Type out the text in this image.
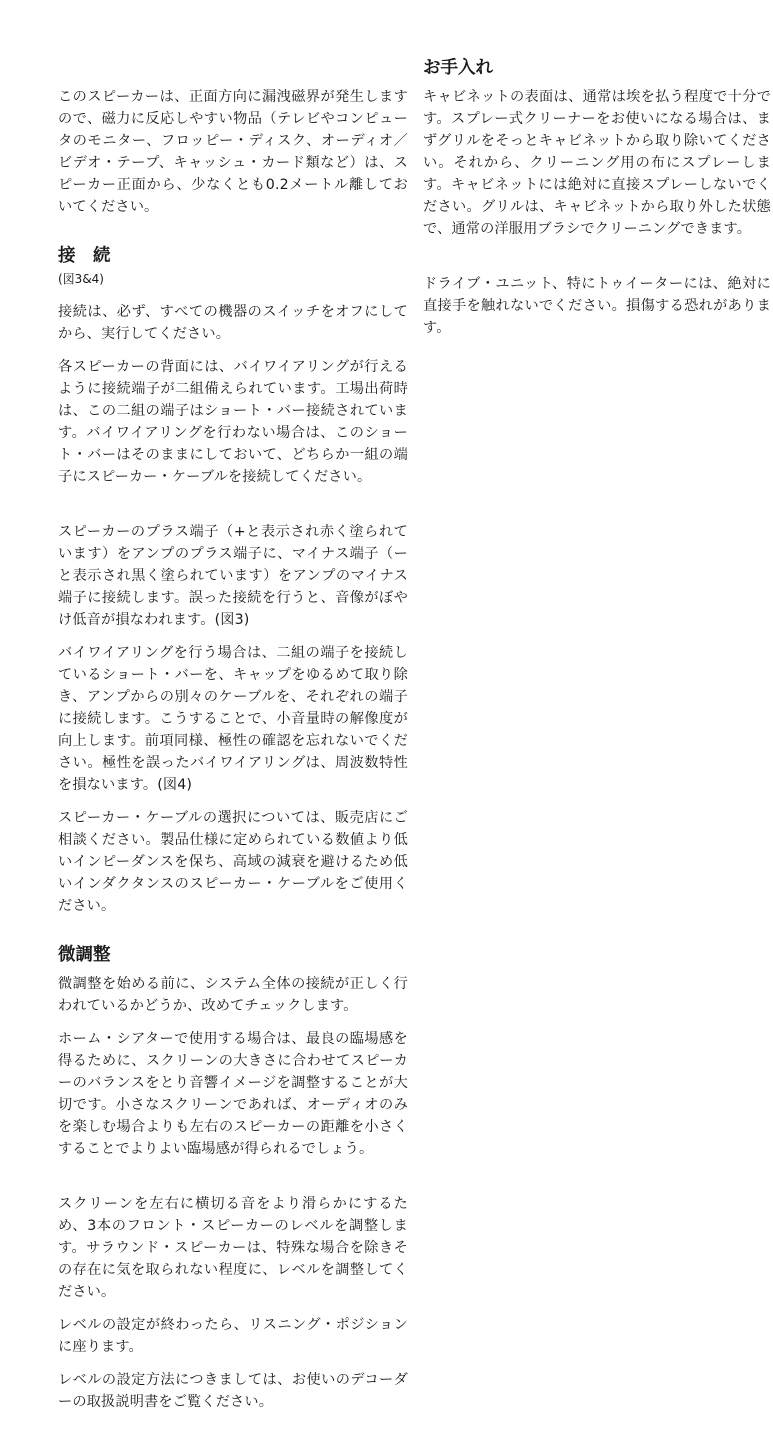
このスピーカーは、正面方向に漏洩磁界が発生しますので、磁力に反応しやすい物品（テレビやコンピュータのモニター、フロッピー・ディスク、オーディオ／ビデオ・テープ、キャッシュ・カード類など）は、スピーカー正面から、少なくとも0.2メートル離しておいてください。

接　続
(図3&4)

接続は、必ず、すべての機器のスイッチをオフにしてから、実行してください。

各スピーカーの背面には、バイワイアリングが行えるように接続端子が二組備えられています。工場出荷時は、この二組の端子はショート・バー接続されています。バイワイアリングを行わない場合は、このショート・バーはそのままにしておいて、どちらか一組の端子にスピーカー・ケーブルを接続してください。

スピーカーのプラス端子（+と表示され赤く塗られています）をアンプのプラス端子に、マイナス端子（ーと表示され黒く塗られています）をアンプのマイナス端子に接続します。誤った接続を行うと、音像がぼやけ低音が損なわれます。(図3)

バイワイアリングを行う場合は、二組の端子を接続しているショート・バーを、キャップをゆるめて取り除き、アンプからの別々のケーブルを、それぞれの端子に接続します。こうすることで、小音量時の解像度が向上します。前項同様、極性の確認を忘れないでください。極性を誤ったバイワイアリングは、周波数特性を損ないます。(図4)

スピーカー・ケーブルの選択については、販売店にご相談ください。製品仕様に定められている数値より低いインピーダンスを保ち、高域の減衰を避けるため低いインダクタンスのスピーカー・ケーブルをご使用ください。

微調整

微調整を始める前に、システム全体の接続が正しく行われているかどうか、改めてチェックします。

ホーム・シアターで使用する場合は、最良の臨場感を得るために、スクリーンの大きさに合わせてスピーカーのバランスをとり音響イメージを調整することが大切です。小さなスクリーンであれば、オーディオのみを楽しむ場合よりも左右のスピーカーの距離を小さくすることでよりよい臨場感が得られるでしょう。

スクリーンを左右に横切る音をより滑らかにするため、3本のフロント・スピーカーのレベルを調整します。サラウンド・スピーカーは、特殊な場合を除きその存在に気を取られない程度に、レベルを調整してください。

レベルの設定が終わったら、リスニング・ポジションに座ります。

レベルの設定方法につきましては、お使いのデコーダーの取扱説明書をご覧ください。

お手入れ

キャビネットの表面は、通常は埃を払う程度で十分です。スプレー式クリーナーをお使いになる場合は、まずグリルをそっとキャビネットから取り除いてください。それから、クリーニング用の布にスプレーします。キャビネットには絶対に直接スプレーしないでください。グリルは、キャビネットから取り外した状態で、通常の洋服用ブラシでクリーニングできます。

ドライブ・ユニット、特にトゥイーターには、絶対に直接手を触れないでください。損傷する恐れがあります。
